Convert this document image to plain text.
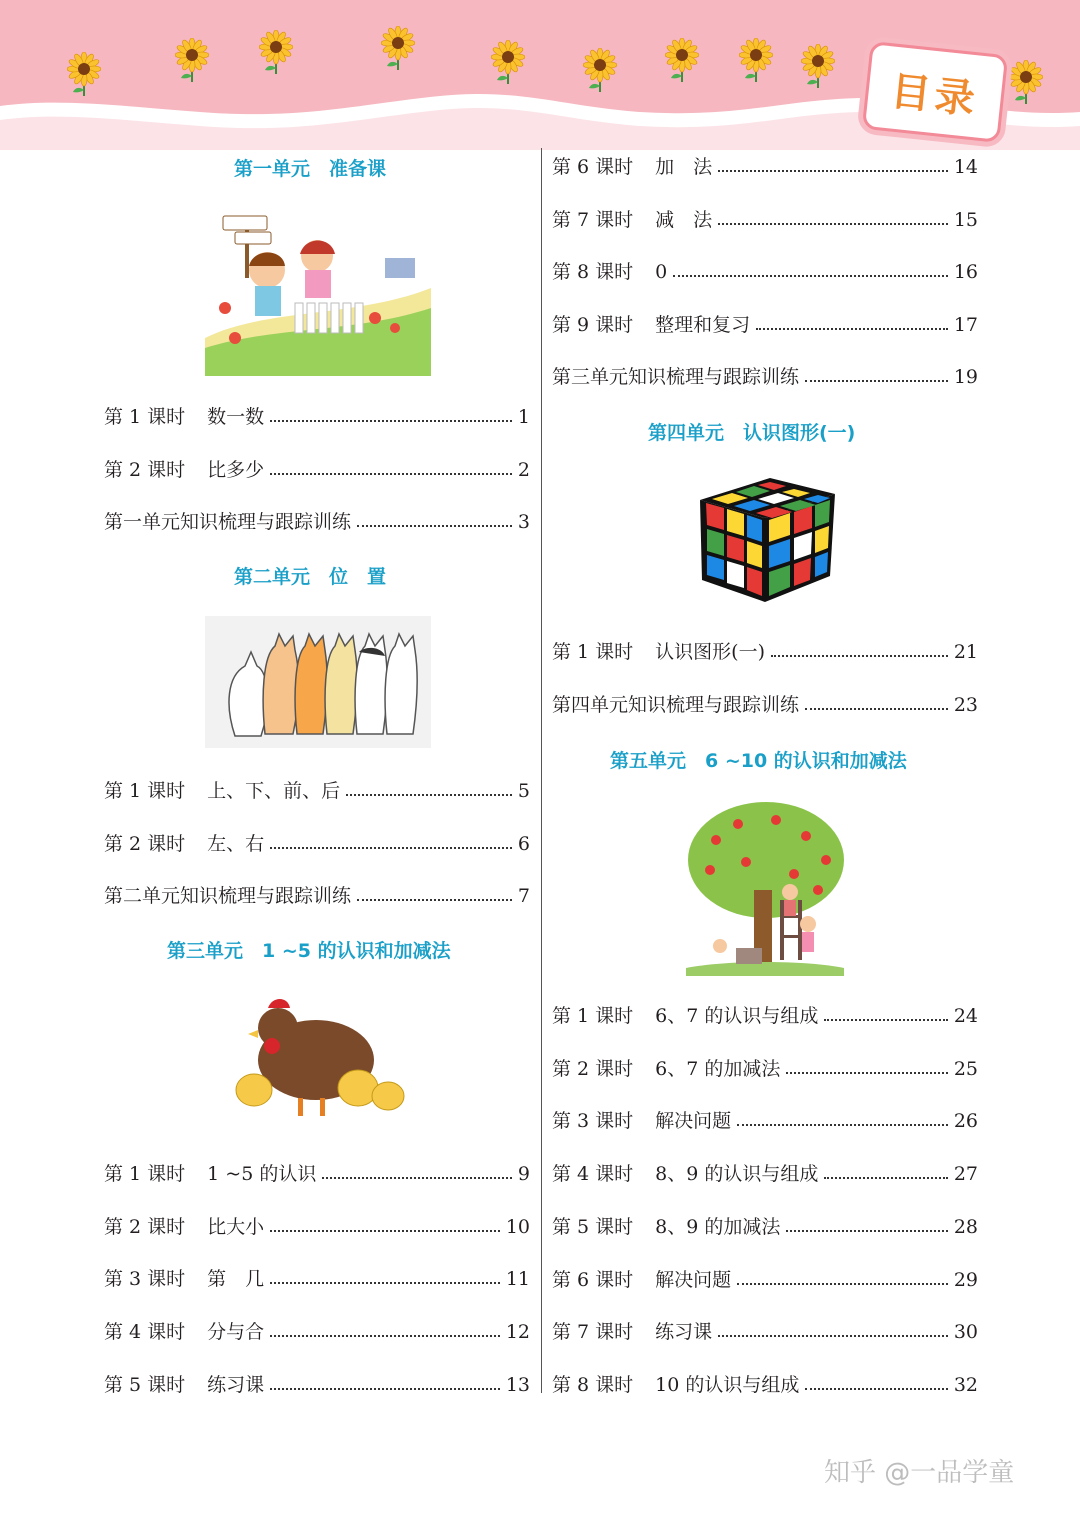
目录
第一单元　准备课
第 1 课时 数一数	1
第 2 课时 比多少	2
第一单元知识梳理与跟踪训练	3
第二单元　位　置
第 1 课时 上、下、前、后	5
第 2 课时 左、右	6
第二单元知识梳理与跟踪训练	7
第三单元　1 ~5 的认识和加减法
第 1 课时 1 ~5 的认识	9
第 2 课时 比大小	10
第 3 课时 第　几	11
第 4 课时 分与合	12
第 5 课时 练习课	13
第 6 课时 加　法	14
第 7 课时 减　法	15
第 8 课时 0	16
第 9 课时 整理和复习	17
第三单元知识梳理与跟踪训练	19
第四单元　认识图形(一)
第 1 课时 认识图形(一)	21
第四单元知识梳理与跟踪训练	23
第五单元　6 ~10 的认识和加减法
第 1 课时 6、7 的认识与组成	24
第 2 课时 6、7 的加减法	25
第 3 课时 解决问题	26
第 4 课时 8、9 的认识与组成	27
第 5 课时 8、9 的加减法	28
第 6 课时 解决问题	29
第 7 课时 练习课	30
第 8 课时 10 的认识与组成	32
知乎 @一品学童
